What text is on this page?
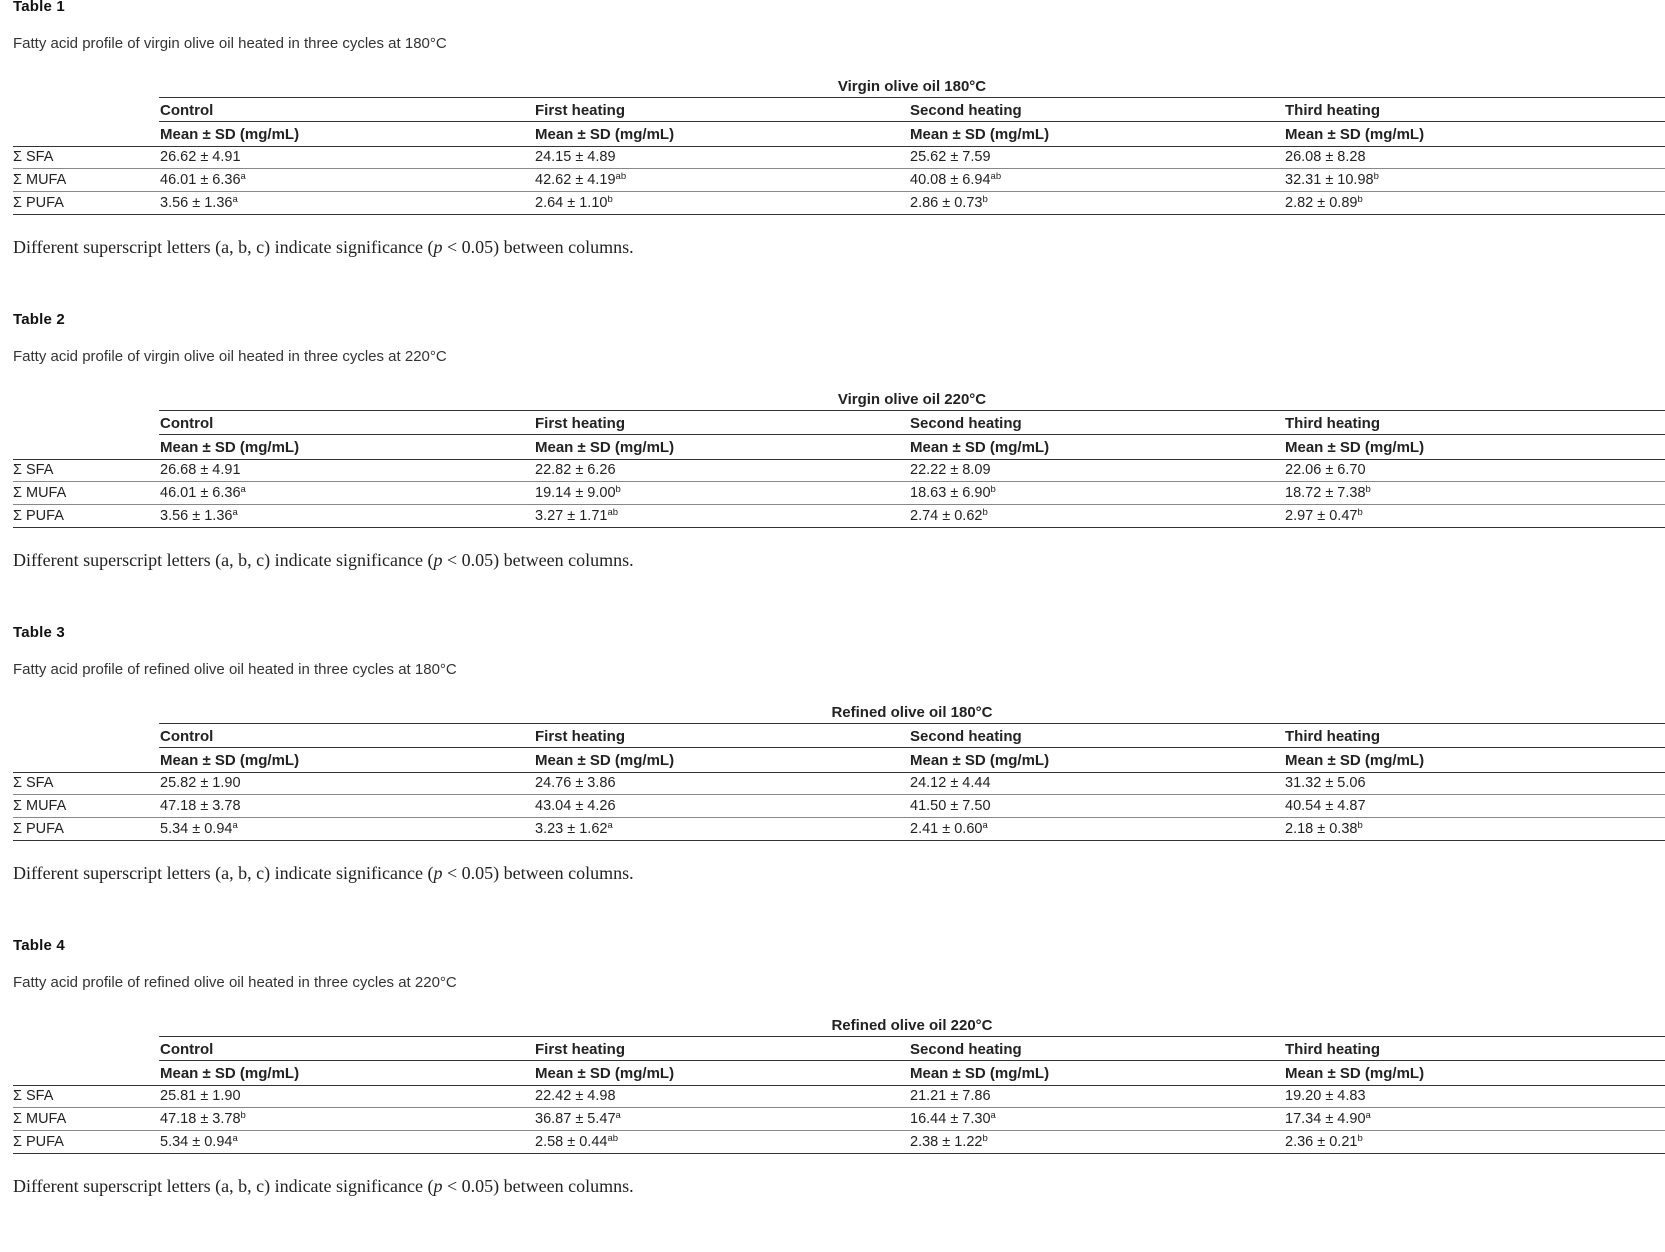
Table 1
Fatty acid profile of virgin olive oil heated in three cycles at 180°C
Virgin olive oil 180°C
Control	First heating	Second heating	Third heating
Mean ± SD (mg/mL)	Mean ± SD (mg/mL)	Mean ± SD (mg/mL)	Mean ± SD (mg/mL)
Σ SFA	26.62 ± 4.91	24.15 ± 4.89	25.62 ± 7.59	26.08 ± 8.28
Σ MUFA	46.01 ± 6.36$^a$	42.62 ± 4.19$^{ab}$	40.08 ± 6.94$^{ab}$	32.31 ± 10.98$^b$
Σ PUFA	3.56 ± 1.36$^a$	2.64 ± 1.10$^b$	2.86 ± 0.73$^b$	2.82 ± 0.89$^b$
Different superscript letters (a, b, c) indicate significance (p < 0.05) between columns.
Table 2
Fatty acid profile of virgin olive oil heated in three cycles at 220°C
Virgin olive oil 220°C
Control	First heating	Second heating	Third heating
Mean ± SD (mg/mL)	Mean ± SD (mg/mL)	Mean ± SD (mg/mL)	Mean ± SD (mg/mL)
Σ SFA	26.68 ± 4.91	22.82 ± 6.26	22.22 ± 8.09	22.06 ± 6.70
Σ MUFA	46.01 ± 6.36$^a$	19.14 ± 9.00$^b$	18.63 ± 6.90$^b$	18.72 ± 7.38$^b$
Σ PUFA	3.56 ± 1.36$^a$	3.27 ± 1.71$^{ab}$	2.74 ± 0.62$^b$	2.97 ± 0.47$^b$
Different superscript letters (a, b, c) indicate significance (p < 0.05) between columns.
Table 3
Fatty acid profile of refined olive oil heated in three cycles at 180°C
Refined olive oil 180°C
Control	First heating	Second heating	Third heating
Mean ± SD (mg/mL)	Mean ± SD (mg/mL)	Mean ± SD (mg/mL)	Mean ± SD (mg/mL)
Σ SFA	25.82 ± 1.90	24.76 ± 3.86	24.12 ± 4.44	31.32 ± 5.06
Σ MUFA	47.18 ± 3.78	43.04 ± 4.26	41.50 ± 7.50	40.54 ± 4.87
Σ PUFA	5.34 ± 0.94$^a$	3.23 ± 1.62$^a$	2.41 ± 0.60$^a$	2.18 ± 0.38$^b$
Different superscript letters (a, b, c) indicate significance (p < 0.05) between columns.
Table 4
Fatty acid profile of refined olive oil heated in three cycles at 220°C
Refined olive oil 220°C
Control	First heating	Second heating	Third heating
Mean ± SD (mg/mL)	Mean ± SD (mg/mL)	Mean ± SD (mg/mL)	Mean ± SD (mg/mL)
Σ SFA	25.81 ± 1.90	22.42 ± 4.98	21.21 ± 7.86	19.20 ± 4.83
Σ MUFA	47.18 ± 3.78$^b$	36.87 ± 5.47$^a$	16.44 ± 7.30$^a$	17.34 ± 4.90$^a$
Σ PUFA	5.34 ± 0.94$^a$	2.58 ± 0.44$^{ab}$	2.38 ± 1.22$^b$	2.36 ± 0.21$^b$
Different superscript letters (a, b, c) indicate significance (p < 0.05) between columns.
